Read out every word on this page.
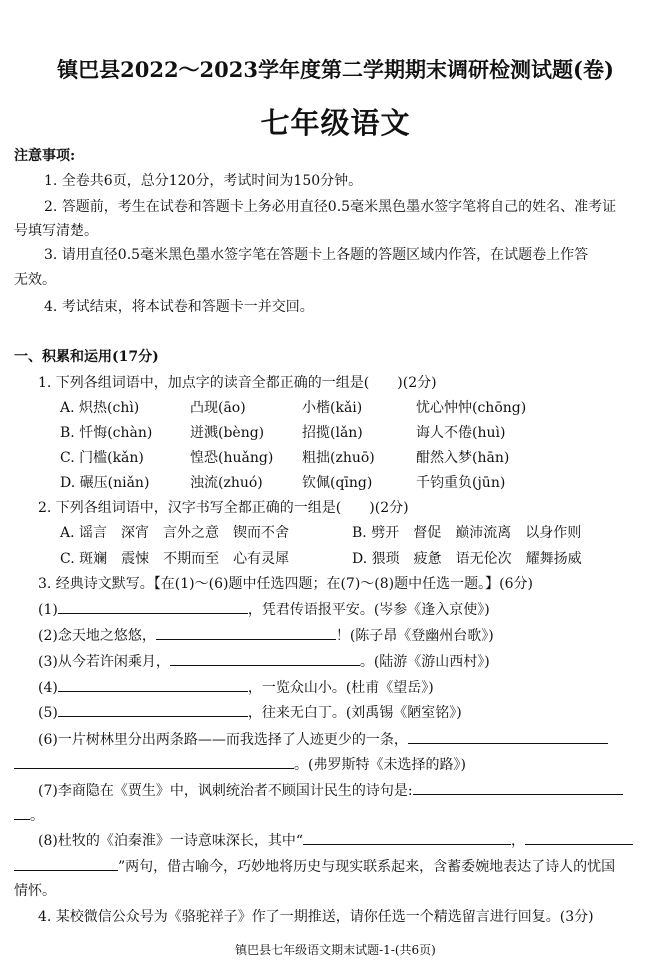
镇巴县2022～2023学年度第二学期期末调研检测试题(卷)
七年级语文
注意事项:
1. 全卷共6页，总分120分，考试时间为150分钟。
2. 答题前，考生在试卷和答题卡上务必用直径0.5毫米黑色墨水签字笔将自己的姓名、准考证
号填写清楚。
3. 请用直径0.5毫米黑色墨水签字笔在答题卡上各题的答题区域内作答，在试题卷上作答
无效。
4. 考试结束，将本试卷和答题卡一并交回。
一、积累和运用(17分)
1. 下列各组词语中，加点字的读音全都正确的一组是(　　)(2分)
A. 炽热(chì)	凸现(āo)	小楷(kǎi)	忧心忡忡(chōng)
B. 忏悔(chàn)	迸溅(bèng)	招揽(lǎn)	诲人不倦(huì)
C. 门槛(kǎn)	惶恐(huǎng) 粗拙(zhuō)	酣然入梦(hān)
D. 碾压(niǎn)	浊流(zhuó)	钦佩(qīng)	千钧重负(jūn)
2. 下列各组词语中，汉字书写全都正确的一组是(　　)(2分)
A. 谣言　深宵　言外之意　锲而不舍	B. 劈开　督促　巅沛流离　以身作则
C. 斑斓　震悚　不期而至　心有灵犀	D. 猥琐　疲惫　语无伦次　耀舞扬威
3. 经典诗文默写。【在(1)～(6)题中任选四题；在(7)～(8)题中任选一题。】(6分)
(1)	，凭君传语报平安。(岑参《逢入京使》)
(2)念天地之悠悠，	！(陈子昂《登幽州台歌》)
(3)从今若许闲乘月，	。(陆游《游山西村》)
(4)	，一览众山小。(杜甫《望岳》)
(5)	，往来无白丁。(刘禹锡《陋室铭》)
(6)一片树林里分出两条路——而我选择了人迹更少的一条，
。(弗罗斯特《未选择的路》)
(7)李商隐在《贾生》中，讽刺统治者不顾国计民生的诗句是:
。
(8)杜牧的《泊秦淮》一诗意味深长，其中“	，
”两句，借古喻今，巧妙地将历史与现实联系起来，含蓄委婉地表达了诗人的忧国
情怀。
4. 某校微信公众号为《骆驼祥子》作了一期推送，请你任选一个精选留言进行回复。(3分)
镇巴县七年级语文期末试题-1-(共6页)
